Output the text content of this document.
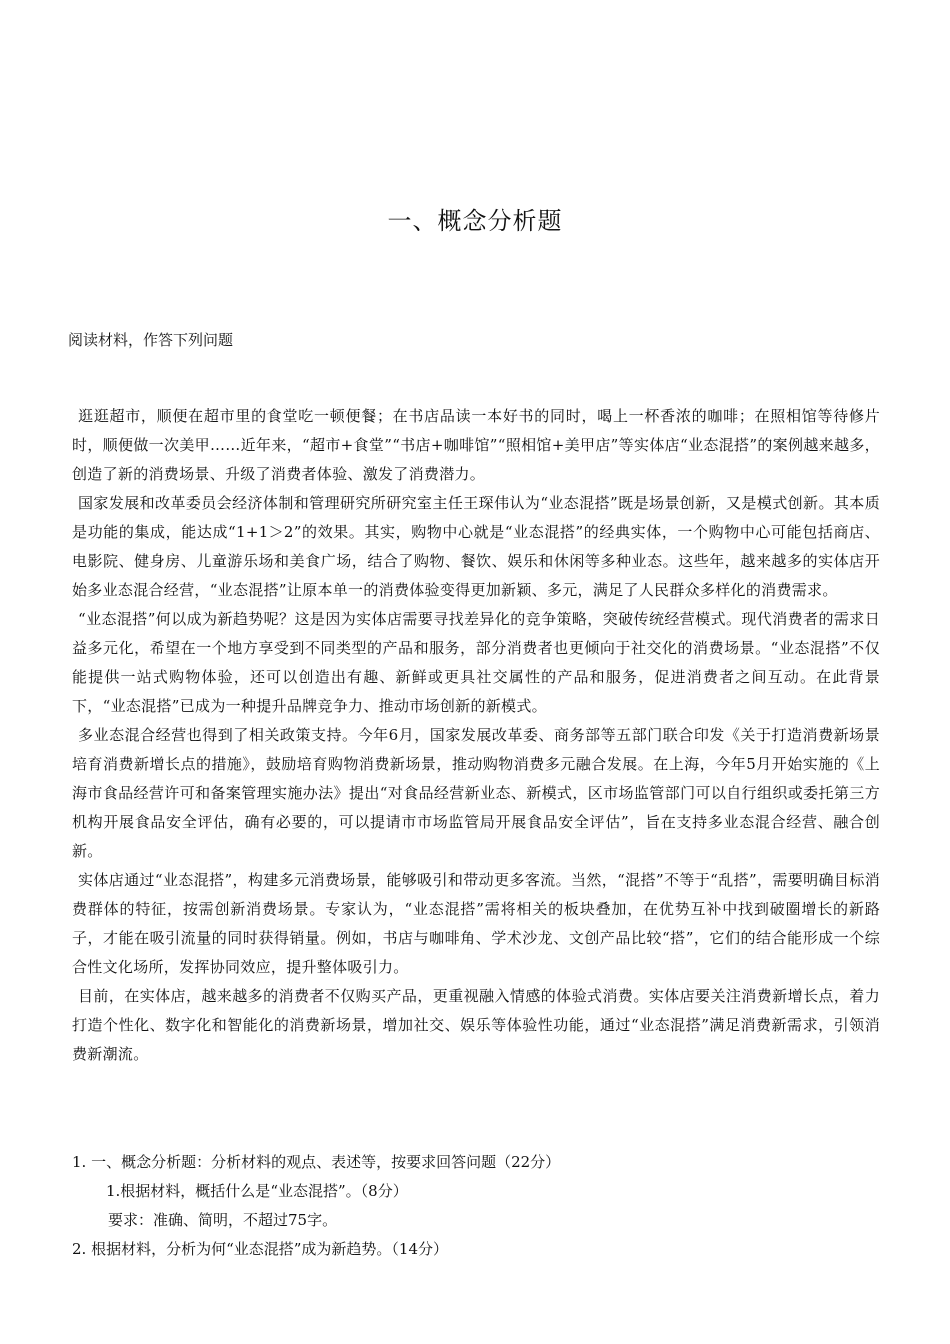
一、概念分析题
阅读材料，作答下列问题

逛逛超市，顺便在超市里的食堂吃一顿便餐；在书店品读一本好书的同时，喝上一杯香浓的咖啡；在照相馆等待修片时，顺便做一次美甲……近年来，“超市+食堂”“书店+咖啡馆”“照相馆+美甲店”等实体店“业态混搭”的案例越来越多，创造了新的消费场景、升级了消费者体验、激发了消费潜力。

国家发展和改革委员会经济体制和管理研究所研究室主任王琛伟认为“业态混搭”既是场景创新，又是模式创新。其本质是功能的集成，能达成“1+1＞2”的效果。其实，购物中心就是“业态混搭”的经典实体，一个购物中心可能包括商店、电影院、健身房、儿童游乐场和美食广场，结合了购物、餐饮、娱乐和休闲等多种业态。这些年，越来越多的实体店开始多业态混合经营，“业态混搭”让原本单一的消费体验变得更加新颖、多元，满足了人民群众多样化的消费需求。

“业态混搭”何以成为新趋势呢？这是因为实体店需要寻找差异化的竞争策略，突破传统经营模式。现代消费者的需求日益多元化，希望在一个地方享受到不同类型的产品和服务，部分消费者也更倾向于社交化的消费场景。“业态混搭”不仅能提供一站式购物体验，还可以创造出有趣、新鲜或更具社交属性的产品和服务，促进消费者之间互动。在此背景下，“业态混搭”已成为一种提升品牌竞争力、推动市场创新的新模式。

多业态混合经营也得到了相关政策支持。今年6月，国家发展改革委、商务部等五部门联合印发《关于打造消费新场景培育消费新增长点的措施》，鼓励培育购物消费新场景，推动购物消费多元融合发展。在上海，今年5月开始实施的《上海市食品经营许可和备案管理实施办法》提出“对食品经营新业态、新模式，区市场监管部门可以自行组织或委托第三方机构开展食品安全评估，确有必要的，可以提请市市场监管局开展食品安全评估”，旨在支持多业态混合经营、融合创新。

实体店通过“业态混搭”，构建多元消费场景，能够吸引和带动更多客流。当然，“混搭”不等于“乱搭”，需要明确目标消费群体的特征，按需创新消费场景。专家认为，“业态混搭”需将相关的板块叠加，在优势互补中找到破圈增长的新路子，才能在吸引流量的同时获得销量。例如，书店与咖啡角、学术沙龙、文创产品比较“搭”，它们的结合能形成一个综合性文化场所，发挥协同效应，提升整体吸引力。

目前，在实体店，越来越多的消费者不仅购买产品，更重视融入情感的体验式消费。实体店要关注消费新增长点，着力打造个性化、数字化和智能化的消费新场景，增加社交、娱乐等体验性功能，通过“业态混搭”满足消费新需求，引领消费新潮流。

1. 一、概念分析题：分析材料的观点、表述等，按要求回答问题（22分）

1.根据材料，概括什么是“业态混搭”。（8分）

要求：准确、简明，不超过75字。

2. 根据材料，分析为何“业态混搭”成为新趋势。（14分）
